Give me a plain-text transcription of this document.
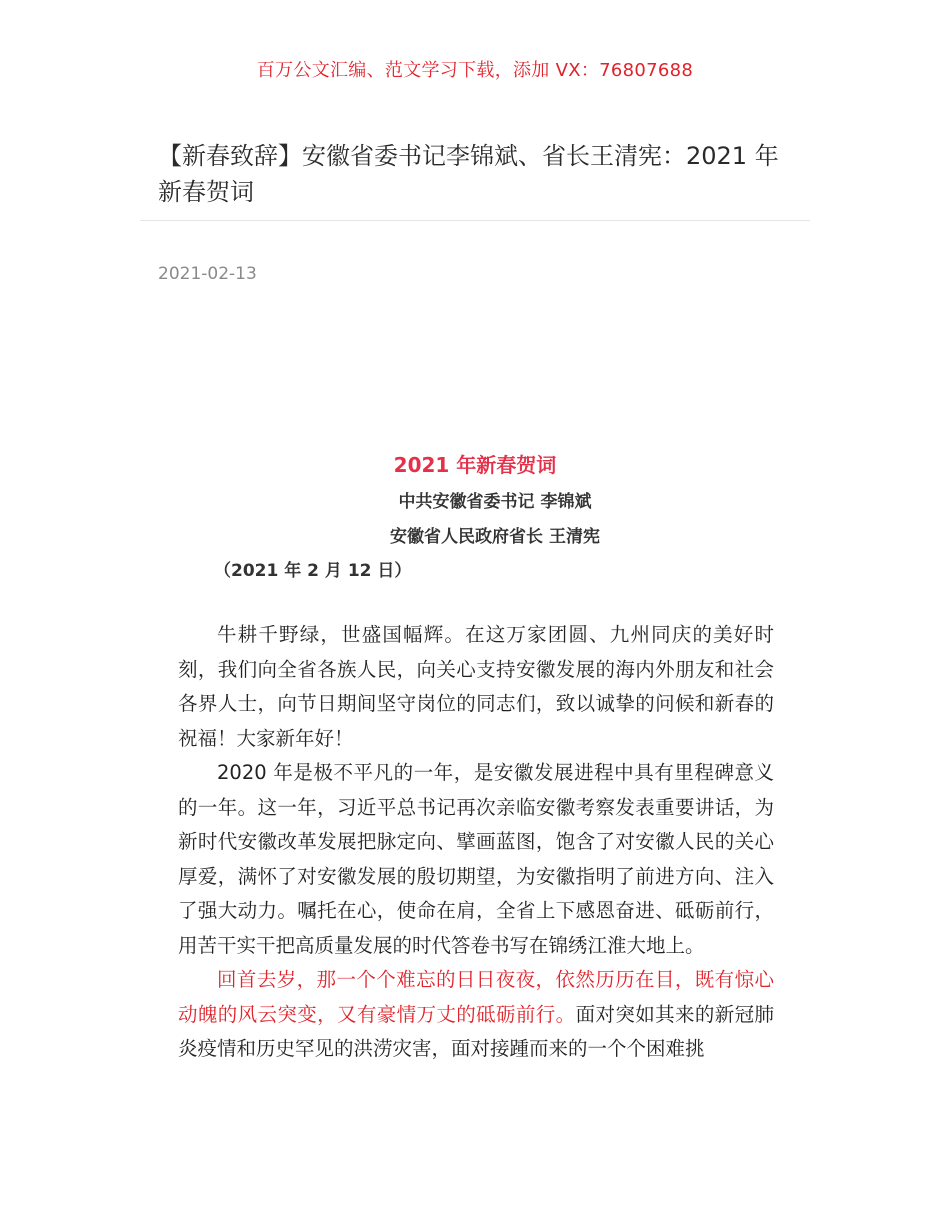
百万公文汇编、范文学习下载，添加 VX：76807688
【新春致辞】安徽省委书记李锦斌、省长王清宪：2021 年新春贺词
2021-02-13
2021 年新春贺词
中共安徽省委书记 李锦斌
安徽省人民政府省长 王清宪
（2021 年 2 月 12 日）

牛耕千野绿，世盛国幅辉。在这万家团圆、九州同庆的美好时刻，我们向全省各族人民，向关心支持安徽发展的海内外朋友和社会各界人士，向节日期间坚守岗位的同志们，致以诚挚的问候和新春的祝福！大家新年好！

2020 年是极不平凡的一年，是安徽发展进程中具有里程碑意义的一年。这一年，习近平总书记再次亲临安徽考察发表重要讲话，为新时代安徽改革发展把脉定向、擘画蓝图，饱含了对安徽人民的关心厚爱，满怀了对安徽发展的殷切期望，为安徽指明了前进方向、注入了强大动力。嘱托在心，使命在肩，全省上下感恩奋进、砥砺前行，用苦干实干把高质量发展的时代答卷书写在锦绣江淮大地上。

回首去岁，那一个个难忘的日日夜夜，依然历历在目，既有惊心动魄的风云突变，又有豪情万丈的砥砺前行。面对突如其来的新冠肺炎疫情和历史罕见的洪涝灾害，面对接踵而来的一个个困难挑
